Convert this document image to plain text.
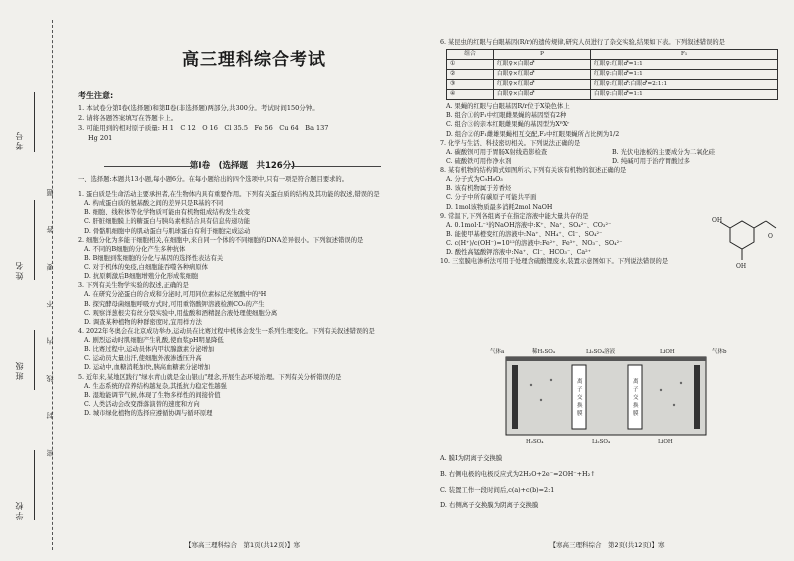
考号
姓名
班级
学校
密 封 线 内 不 要 答 题
高三理科综合考试
考生注意:
1. 本试卷分第Ⅰ卷(选择题)和第Ⅱ卷(非选择题)两部分,共300分。考试时间150分钟。
2. 请将各题答案填写在答题卡上。
3. 可能用到的相对原子质量: H 1　C 12　O 16　Cl 35.5　Fe 56　Cu 64　Ba 137
Hg 201
第Ⅰ卷　(选择题　共126分)
一、选择题:本题共13小题,每小题6分。在每小题给出的四个选项中,只有一项是符合题目要求的。

1. 蛋白质是生命活动主要承担者,在生物体内具有重要作用。下列有关蛋白质的结构及其功能的叙述,错误的是

A. 构成蛋白质的氨基酸之间的差异只是R基的不同

B. 细胞、线粒体等化学物质可能由有机物组成结构发生改变

C. 肝脏细胞膜上的糖蛋白与胰岛素相结合具有信息传递功能

D. 骨骼肌细胞中的肌动蛋白与肌球蛋白有利于细胞完成运动

2. 细胞分化为多能干细胞相关,在细胞中,来自同一个体的不同细胞的DNA差异很小。下列叙述错误的是

A. 不同的B细胞的分化产生多种抗体

B. B细胞到浆细胞的分化与基因的选择性表达有关

C. 对于机体的免疫,白细胞能吞噬各种病原体

D. 抗原刺激后B细胞增殖分化形成浆细胞

3. 下列有关生物学实验的叙述,正确的是

A. 在研究分泌蛋白的合成和分泌时,可用同位素标记亮氨酸中的³H

B. 探究酵母菌细胞呼吸方式时,可用重铬酸钾溶液检测CO₂的产生

C. 观察洋葱根尖有丝分裂实验中,用盐酸和酒精混合液处理使细胞分离

D. 调查某种植物的种群密度时,宜用样方法

4. 2022年冬奥会在北京成功举办,运动员在比赛过程中机体会发生一系列生理变化。下列有关叙述错误的是

A. 剧烈运动时肌细胞产生乳酸,使血浆pH明显降低

B. 比赛过程中,运动员体内甲状腺激素分泌增加

C. 运动员大量出汗,使细胞外液渗透压升高

D. 运动中,血糖消耗加快,胰高血糖素分泌增加

5. 近年来,某地区践行"绿水青山就是金山银山"理念,开展生态环境治理。下列有关分析错误的是

A. 生态系统的营养结构越复杂,其抵抗力稳定性越强

B. 湿地能调节气候,体现了生物多样性的间接价值

C. 人类活动会改变群落演替的速度和方向

D. 城市绿化植物的选择应遵循协调与循环原理

【寒高三理科综合　第1页(共12页)】寒

6. 某昆虫的红眼与白眼基因(R/r)的遗传规律,研究人员进行了杂交实验,结果如下表。下列叙述错误的是

组合	P	F₁
①	红眼♀×白眼♂	红眼♀:红眼♂=1:1
②	白眼♀×红眼♂	红眼♀:白眼♂=1:1
③	红眼♀×红眼♂	红眼♀:红眼♂:白眼♂=2:1:1
④	白眼♀×白眼♂	白眼♀:白眼♂=1:1

A. 果蝇的红眼与白眼基因R/r位于X染色体上

B. 组合①的F₁中红眼雌果蝇的基因型有2种

C. 组合③的亲本红眼雌果蝇的基因型为XᴿXʳ

D. 组合②的F₁雌雄果蝇相互交配,F₂中红眼果蝇所占比例为1/2

7. 化学与生活、科技密切相关。下列说法正确的是

A. 碳酸钡可用于胃肠X射线造影检查	B. 光伏电池板的主要成分为二氧化硅
C. 硫酸铁可用作净水剂	D. 纯碱可用于治疗胃酸过多

8. 某有机物的结构简式如图所示,下列有关该有机物的叙述正确的是

A. 分子式为C₉H₈O₃

B. 该有机物属于芳香烃

C. 分子中所有碳原子可能共平面

D. 1mol该物质最多消耗2mol NaOH

9. 常温下,下列各组离子在指定溶液中能大量共存的是

A. 0.1mol·L⁻¹的NaOH溶液中:K⁺、Na⁺、SO₄²⁻、CO₃²⁻

B. 能使甲基橙变红的溶液中:Na⁺、NH₄⁺、Cl⁻、SO₄²⁻

C. c(H⁺)/c(OH⁻)=10¹²的溶液中:Fe²⁺、Fe³⁺、NO₃⁻、SO₄²⁻

D. 酸性高锰酸钾溶液中:Na⁺、Cl⁻、HCO₃⁻、Ca²⁺

10. 三室膜电渗析法可用于处理含硫酸锂废水,装置示意图如下。下列说法错误的是

OH
OH
O
离
子
交
换
膜
离
子
交
换
膜
气体a	稀H₂SO₄	Li₂SO₄溶液	LiOH	气体b
H₂SO₄	Li₂SO₄	LiOH

A. 膜Ⅰ为阴离子交换膜

B. 右侧电极的电极反应式为2H₂O+2e⁻=2OH⁻+H₂↑

C. 装置工作一段时间后,c(a)+c(b)=2:1

D. 右侧离子交换膜为阴离子交换膜

【寒高三理科综合　第2页(共12页)】寒
